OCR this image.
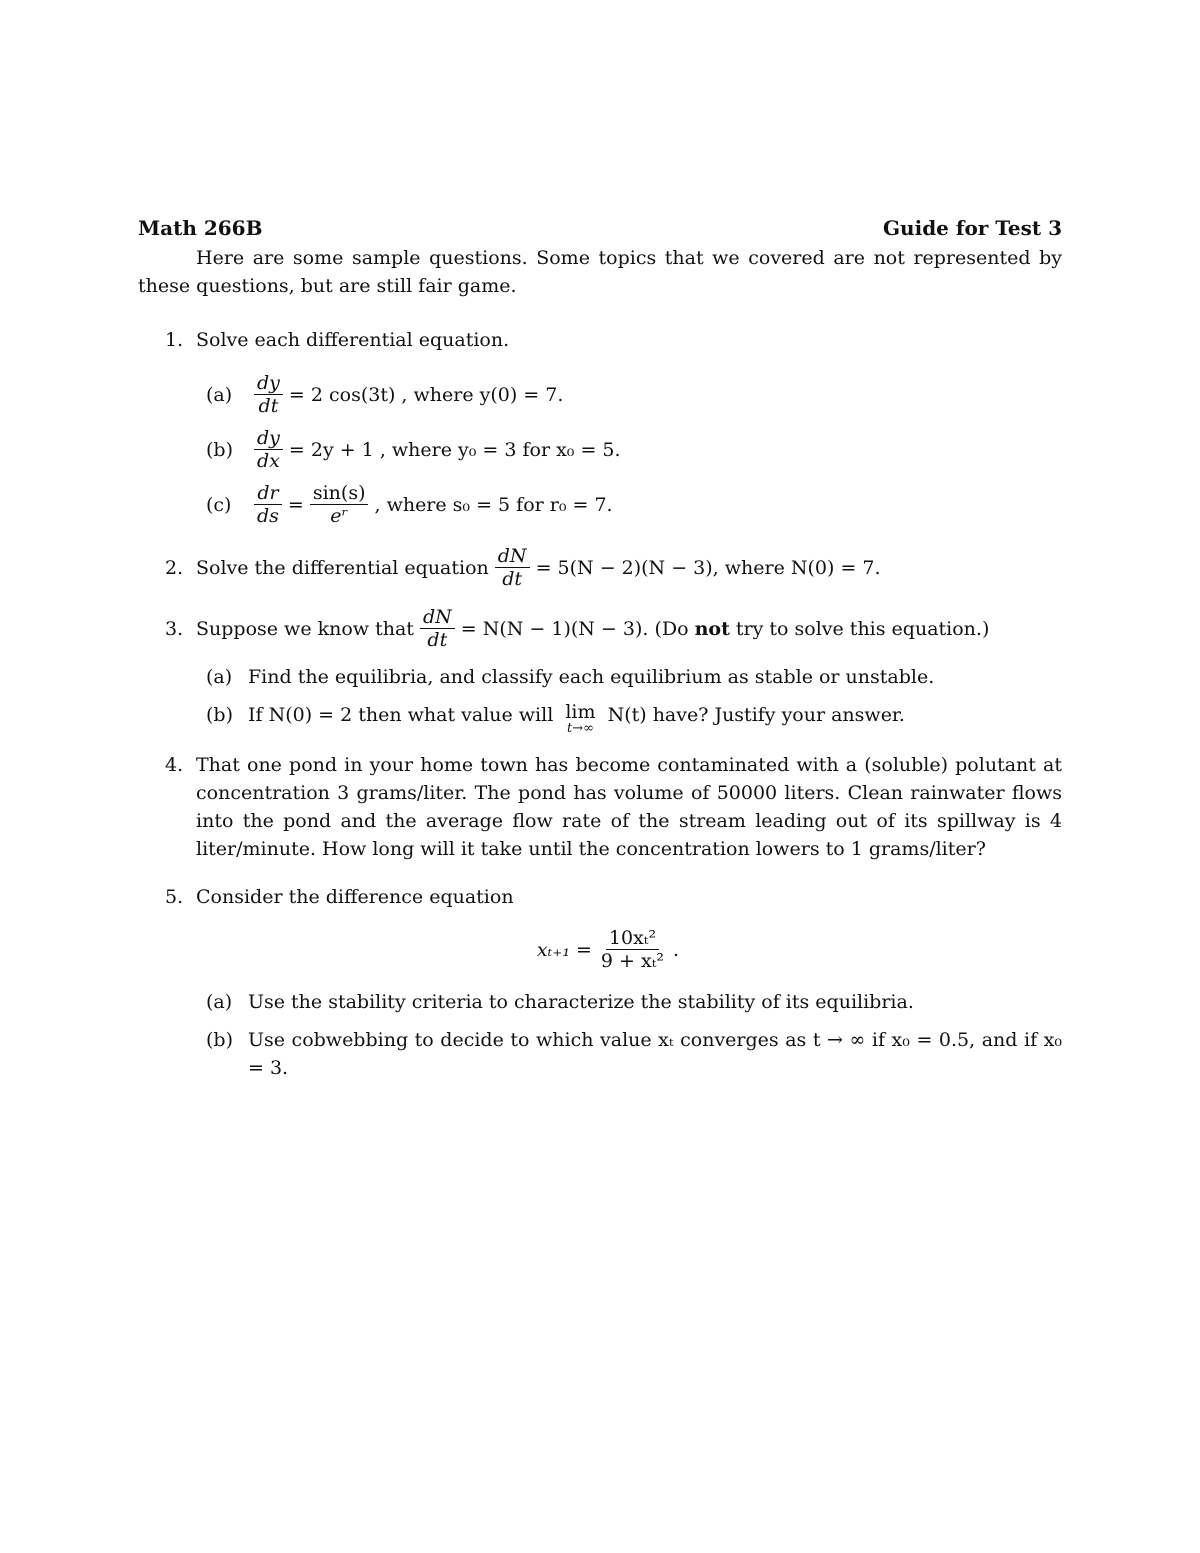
Math 266B	Guide for Test 3

Here are some sample questions. Some topics that we covered are not represented by these questions, but are still fair game.

1. Solve each differential equation.
$(a) \frac{dy}{dt} = 2$ cos(3t) , where y(0) = 7.
$(b) \frac{dy}{dx} = 2y + 1$ , where y₀ = 3 for x₀ = 5.
$(c) \frac{dr}{ds} = \frac{\sin(s)}{\text{eʳ}}$ , where s₀ = 5 for r₀ = 7.
2. Solve the differential equation $\frac{dN}{dt} = 5(N - 2)(N - 3)$, where N(0) = 7.
3. Suppose we know that $\frac{dN}{dt} = N(N - 1)(N - 3)$. (Do
not
try to solve this equation.)
(a) Find the equilibria, and classify each equilibrium as stable or unstable.
(b) If N(0) = 2 then what value will lim
t→∞
N(t) have? Justify your answer.
4. That one pond in your home town has become contaminated with a (soluble) polutant at concentration 3 grams/liter. The pond has volume of 50000 liters. Clean rainwater flows into the pond and the average flow rate of the stream leading out of its spillway is 4 liter/minute. How long will it take until the concentration lowers to 1 grams/liter?
5. Consider the difference equation
$x_{t+1} = \frac{\text{10xₜ²}}{\text{9 + xₜ²}}$ .
(a) Use the stability criteria to characterize the stability of its equilibria.
(b) Use cobwebbing to decide to which value xₜ converges as t → ∞ if x₀ = 0.5, and if x₀ = 3.
